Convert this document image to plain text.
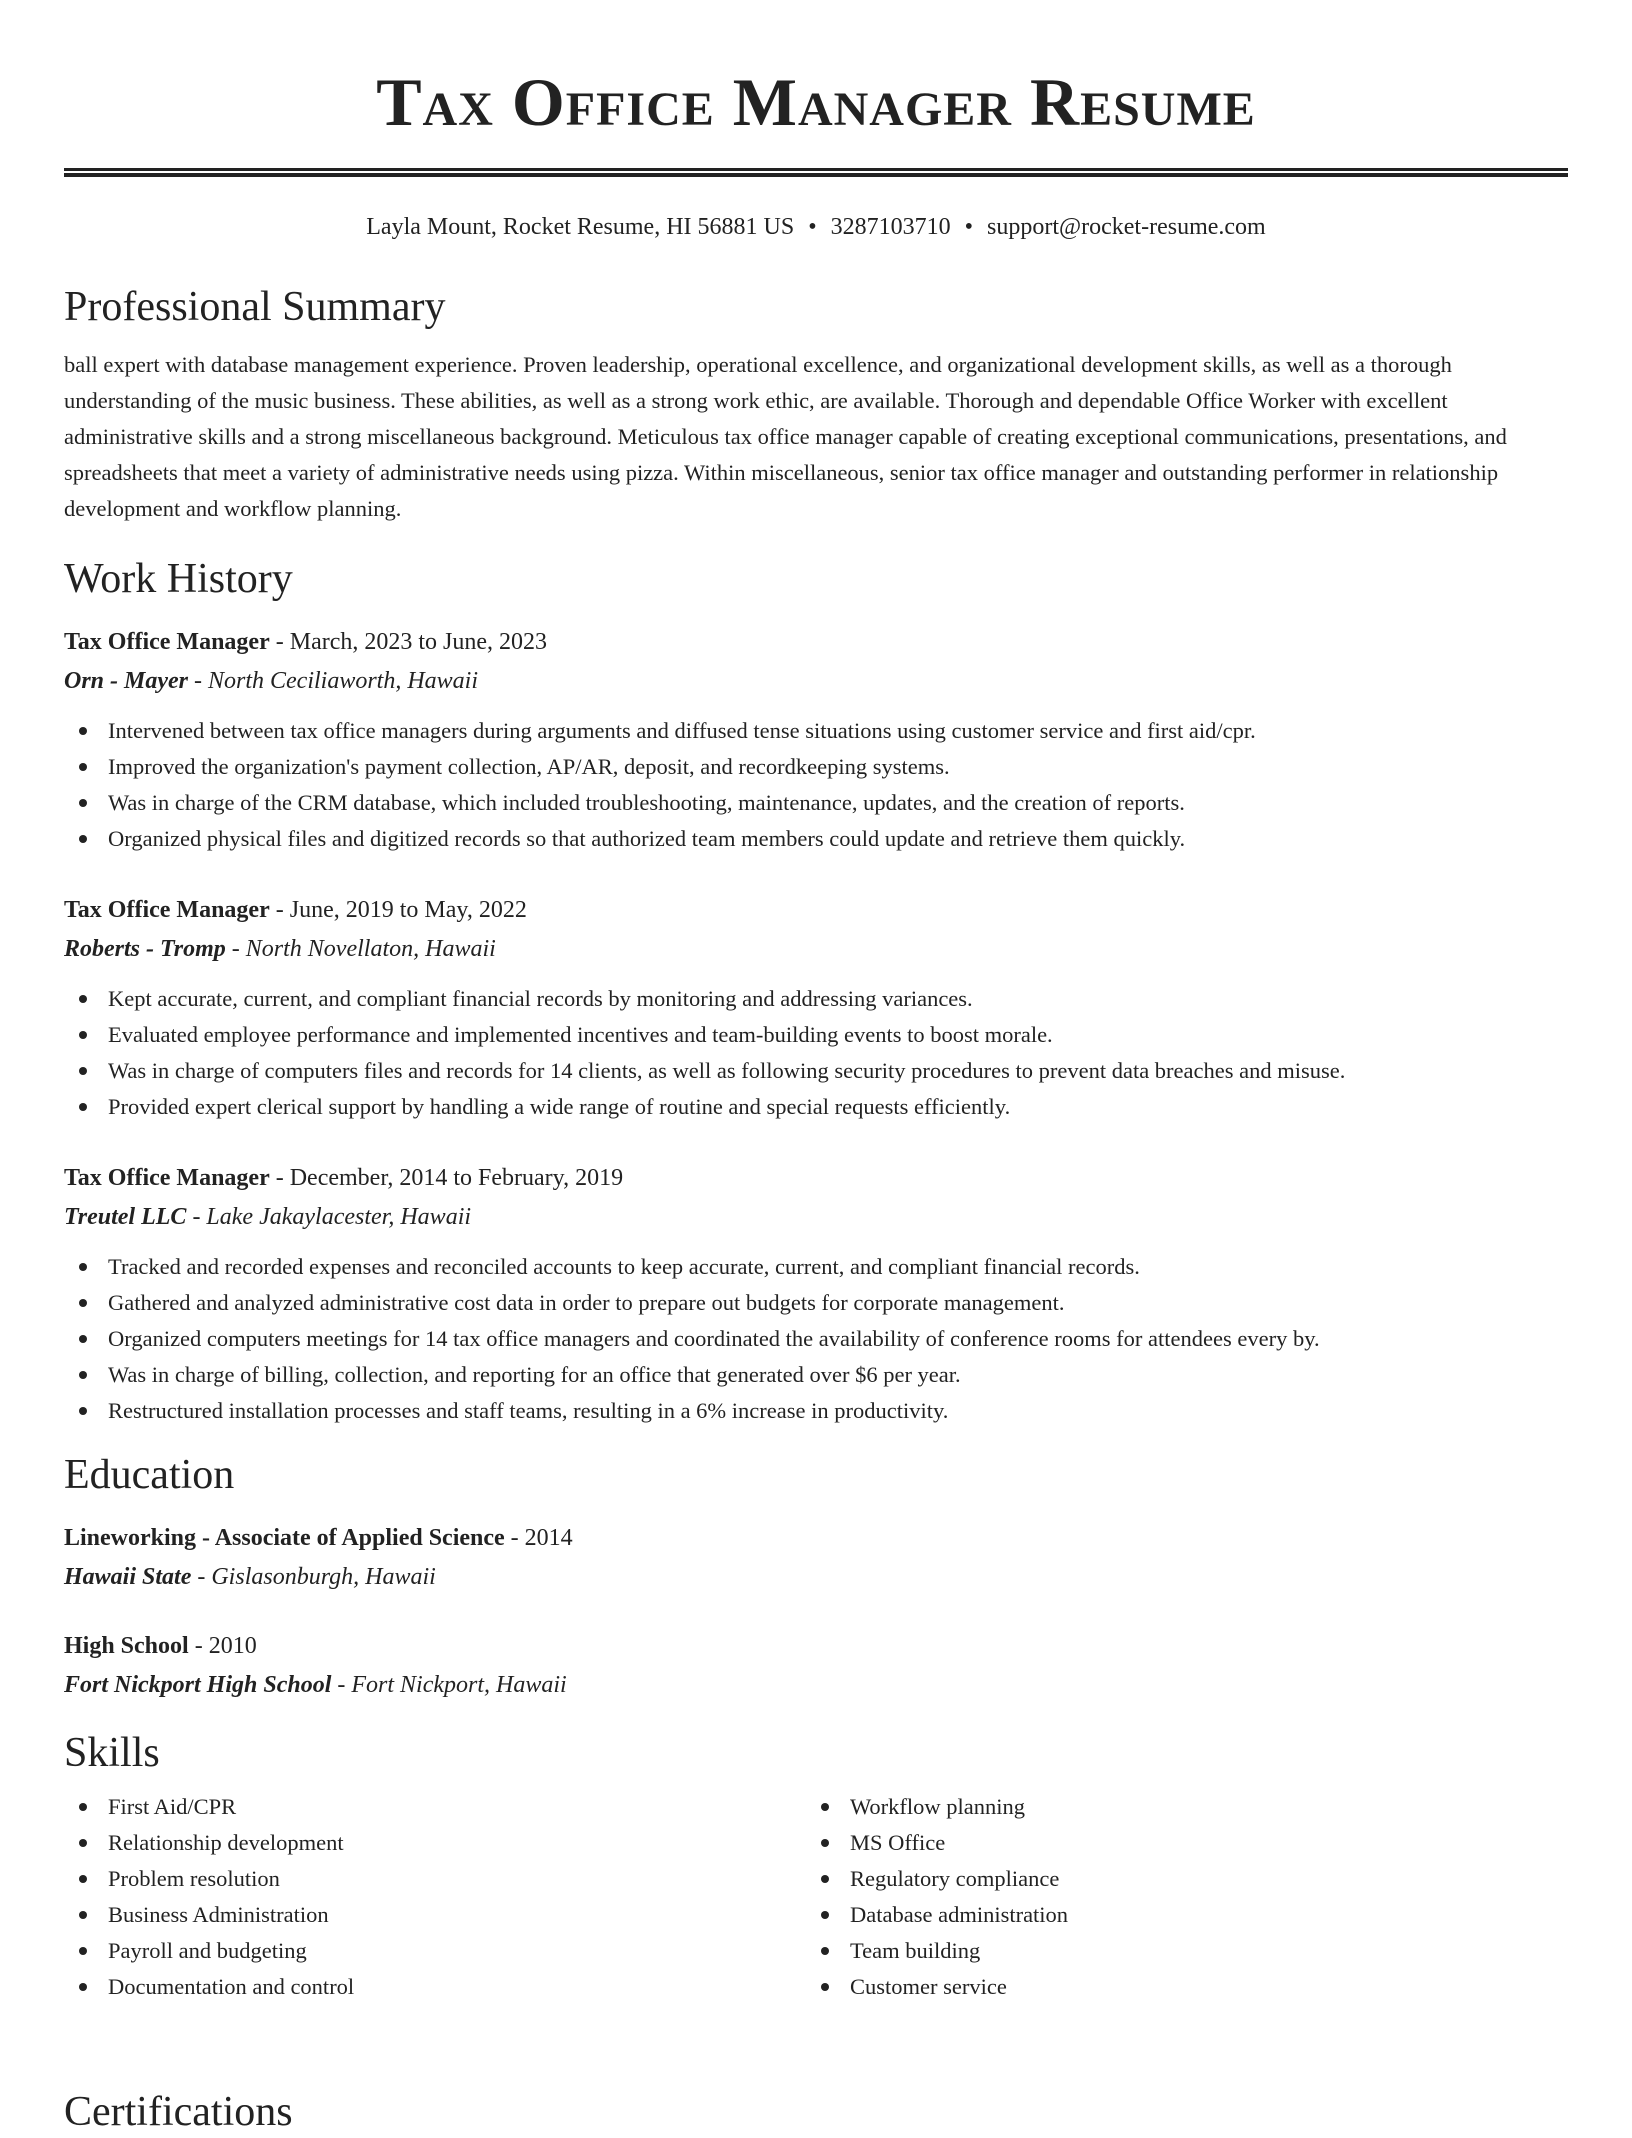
Tax Office Manager Resume
Layla Mount, Rocket Resume, HI 56881 US • 3287103710 • support@rocket-resume.com
Professional Summary

ball expert with database management experience. Proven leadership, operational excellence, and organizational development skills, as well as a thorough understanding of the music business. These abilities, as well as a strong work ethic, are available. Thorough and dependable Office Worker with excellent administrative skills and a strong miscellaneous background. Meticulous tax office manager capable of creating exceptional communications, presentations, and spreadsheets that meet a variety of administrative needs using pizza. Within miscellaneous, senior tax office manager and outstanding performer in relationship development and workflow planning.

Work History
Tax Office Manager - March, 2023 to June, 2023
Orn - Mayer - North Ceciliaworth, Hawaii
Intervened between tax office managers during arguments and diffused tense situations using customer service and first aid/cpr.
Improved the organization's payment collection, AP/AR, deposit, and recordkeeping systems.
Was in charge of the CRM database, which included troubleshooting, maintenance, updates, and the creation of reports.
Organized physical files and digitized records so that authorized team members could update and retrieve them quickly.
Tax Office Manager - June, 2019 to May, 2022
Roberts - Tromp - North Novellaton, Hawaii
Kept accurate, current, and compliant financial records by monitoring and addressing variances.
Evaluated employee performance and implemented incentives and team-building events to boost morale.
Was in charge of computers files and records for 14 clients, as well as following security procedures to prevent data breaches and misuse.
Provided expert clerical support by handling a wide range of routine and special requests efficiently.
Tax Office Manager - December, 2014 to February, 2019
Treutel LLC - Lake Jakaylacester, Hawaii
Tracked and recorded expenses and reconciled accounts to keep accurate, current, and compliant financial records.
Gathered and analyzed administrative cost data in order to prepare out budgets for corporate management.
Organized computers meetings for 14 tax office managers and coordinated the availability of conference rooms for attendees every by.
Was in charge of billing, collection, and reporting for an office that generated over $6 per year.
Restructured installation processes and staff teams, resulting in a 6% increase in productivity.
Education
Lineworking - Associate of Applied Science - 2014
Hawaii State - Gislasonburgh, Hawaii
High School - 2010
Fort Nickport High School - Fort Nickport, Hawaii
Skills
First Aid/CPR
Relationship development
Problem resolution
Business Administration
Payroll and budgeting
Documentation and control
Workflow planning
MS Office
Regulatory compliance
Database administration
Team building
Customer service
Certifications
